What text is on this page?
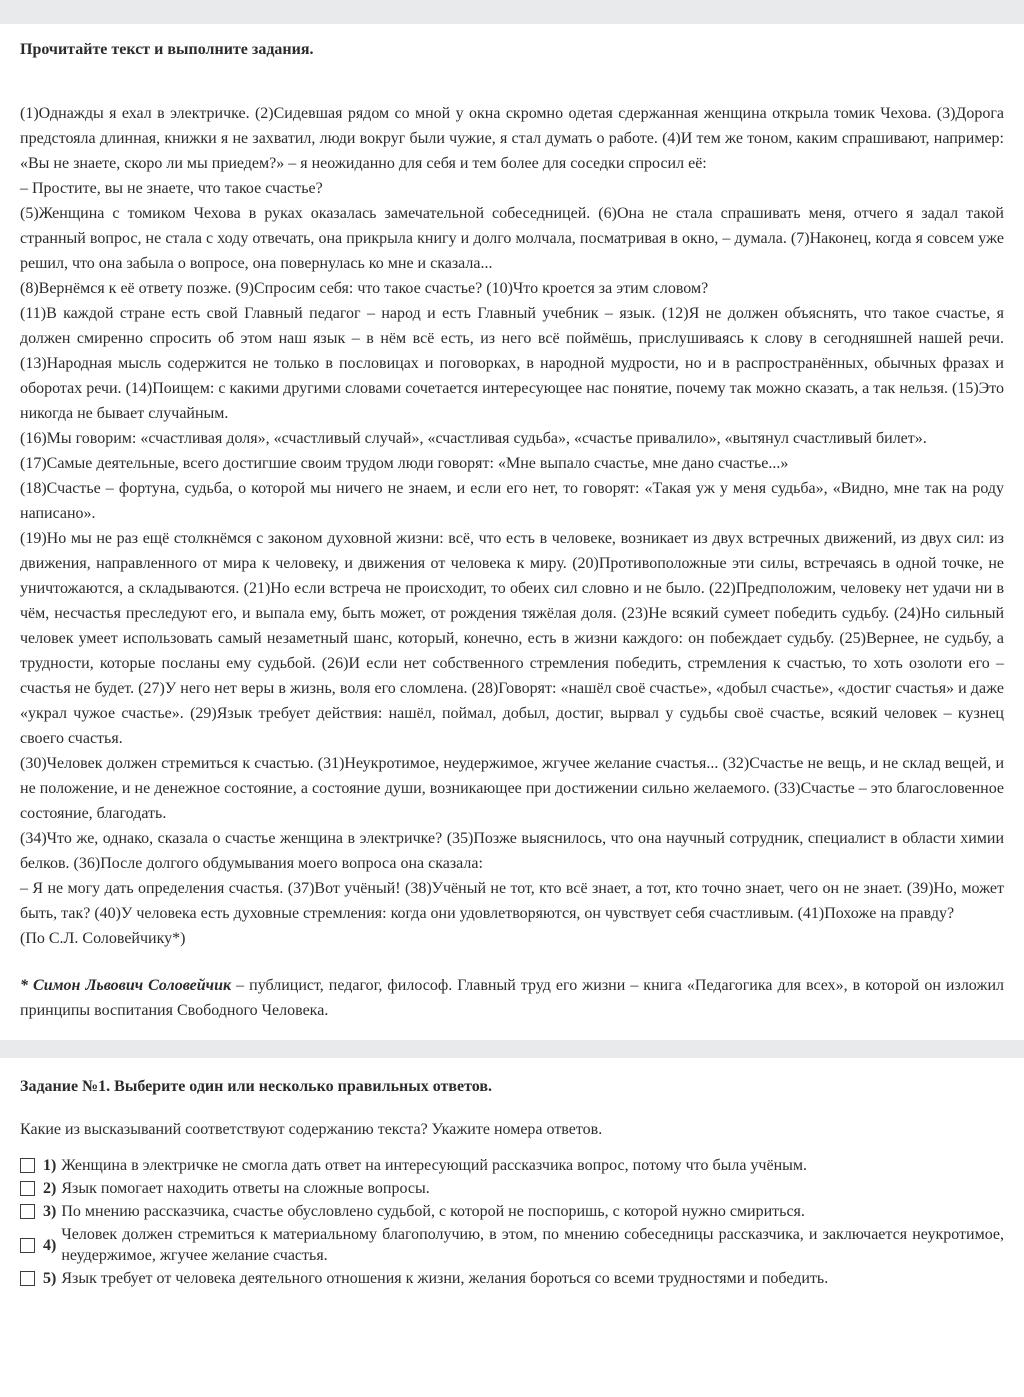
Прочитайте текст и выполните задания.

(1)Однажды я ехал в электричке. (2)Сидевшая рядом со мной у окна скромно одетая сдержанная женщина открыла томик Чехова. (3)Дорога предстояла длинная, книжки я не захватил, люди вокруг были чужие, я стал думать о работе. (4)И тем же тоном, каким спрашивают, например: «Вы не знаете, скоро ли мы приедем?» – я неожиданно для себя и тем более для соседки спросил её:

– Простите, вы не знаете, что такое счастье?

(5)Женщина с томиком Чехова в руках оказалась замечательной собеседницей. (6)Она не стала спрашивать меня, отчего я задал такой странный вопрос, не стала с ходу отвечать, она прикрыла книгу и долго молчала, посматривая в окно, – думала. (7)Наконец, когда я совсем уже решил, что она забыла о вопросе, она повернулась ко мне и сказала...

(8)Вернёмся к её ответу позже. (9)Спросим себя: что такое счастье? (10)Что кроется за этим словом?

(11)В каждой стране есть свой Главный педагог – народ и есть Главный учебник – язык. (12)Я не должен объяснять, что такое счастье, я должен смиренно спросить об этом наш язык – в нём всё есть, из него всё поймёшь, прислушиваясь к слову в сегодняшней нашей речи. (13)Народная мысль содержится не только в пословицах и поговорках, в народной мудрости, но и в распространённых, обычных фразах и оборотах речи. (14)Поищем: с какими другими словами сочетается интересующее нас понятие, почему так можно сказать, а так нельзя. (15)Это никогда не бывает случайным.

(16)Мы говорим: «счастливая доля», «счастливый случай», «счастливая судьба», «счастье привалило», «вытянул счастливый билет».

(17)Самые деятельные, всего достигшие своим трудом люди говорят: «Мне выпало счастье, мне дано счастье...»

(18)Счастье – фортуна, судьба, о которой мы ничего не знаем, и если его нет, то говорят: «Такая уж у меня судьба», «Видно, мне так на роду написано».

(19)Но мы не раз ещё столкнёмся с законом духовной жизни: всё, что есть в человеке, возникает из двух встречных движений, из двух сил: из движения, направленного от мира к человеку, и движения от человека к миру. (20)Противоположные эти силы, встречаясь в одной точке, не уничтожаются, а складываются. (21)Но если встреча не происходит, то обеих сил словно и не было. (22)Предположим, человеку нет удачи ни в чём, несчастья преследуют его, и выпала ему, быть может, от рождения тяжёлая доля. (23)Не всякий сумеет победить судьбу. (24)Но сильный человек умеет использовать самый незаметный шанс, который, конечно, есть в жизни каждого: он побеждает судьбу. (25)Вернее, не судьбу, а трудности, которые посланы ему судьбой. (26)И если нет собственного стремления победить, стремления к счастью, то хоть озолоти его – счастья не будет. (27)У него нет веры в жизнь, воля его сломлена. (28)Говорят: «нашёл своё счастье», «добыл счастье», «достиг счастья» и даже «украл чужое счастье». (29)Язык требует действия: нашёл, поймал, добыл, достиг, вырвал у судьбы своё счастье, всякий человек – кузнец своего счастья.

(30)Человек должен стремиться к счастью. (31)Неукротимое, неудержимое, жгучее желание счастья... (32)Счастье не вещь, и не склад вещей, и не положение, и не денежное состояние, а состояние души, возникающее при достижении сильно желаемого. (33)Счастье – это благословенное состояние, благодать.

(34)Что же, однако, сказала о счастье женщина в электричке? (35)Позже выяснилось, что она научный сотрудник, специалист в области химии белков. (36)После долгого обдумывания моего вопроса она сказала:

– Я не могу дать определения счастья. (37)Вот учёный! (38)Учёный не тот, кто всё знает, а тот, кто точно знает, чего он не знает. (39)Но, может быть, так? (40)У человека есть духовные стремления: когда они удовлетворяются, он чувствует себя счастливым. (41)Похоже на правду?

(По С.Л. Соловейчику*)

* Симон Львович Соловейчик – публицист, педагог, философ. Главный труд его жизни – книга «Педагогика для всех», в которой он изложил принципы воспитания Свободного Человека.
Задание №1. Выберите один или несколько правильных ответов.

Какие из высказываний соответствуют содержанию текста? Укажите номера ответов.

1) Женщина в электричке не смогла дать ответ на интересующий рассказчика вопрос, потому что была учёным.
2) Язык помогает находить ответы на сложные вопросы.
3) По мнению рассказчика, счастье обусловлено судьбой, с которой не поспоришь, с которой нужно смириться.
4)
Человек должен стремиться к материальному благополучию, в этом, по мнению собеседницы рассказчика, и заключается неукротимое, неудержимое, жгучее желание счастья.
5) Язык требует от человека деятельного отношения к жизни, желания бороться со всеми трудностями и победить.
